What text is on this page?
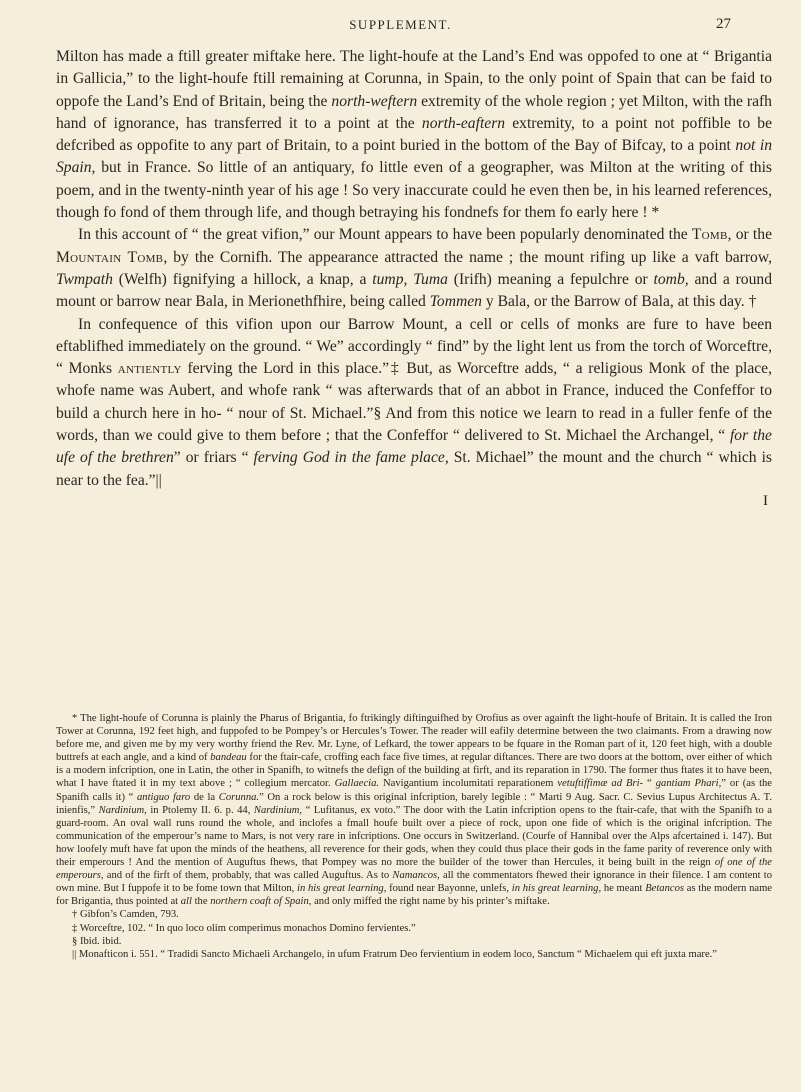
SUPPLEMENT.	27

Milton has made a ftill greater miftake here. The light-houfe at the Land’s End was oppofed to one at “ Brigantia in Gallicia,” to the light-houfe ftill remaining at Corunna, in Spain, to the only point of Spain that can be faid to oppofe the Land’s End of Britain, being the north-weftern extremity of the whole region ; yet Milton, with the rafh hand of ignorance, has transferred it to a point at the north-eaftern extremity, to a point not poffible to be defcribed as oppofite to any part of Britain, to a point buried in the bottom of the Bay of Bifcay, to a point not in Spain, but in France. So little of an antiquary, fo little even of a geographer, was Milton at the writing of this poem, and in the twenty-ninth year of his age ! So very inaccurate could he even then be, in his learned references, though fo fond of them through life, and though betraying his fondnefs for them fo early here ! *

In this account of “ the great vifion,” our Mount appears to have been popularly denominated the Tomb, or the Mountain Tomb, by the Cornifh. The appearance attracted the name ; the mount rifing up like a vaft barrow, Twmpath (Welfh) fignifying a hillock, a knap, a tump, Tuma (Irifh) meaning a fepulchre or tomb, and a round mount or barrow near Bala, in Merionethfhire, being called Tommen y Bala, or the Barrow of Bala, at this day. †

In confequence of this vifion upon our Barrow Mount, a cell or cells of monks are fure to have been eftablifhed immediately on the ground. “ We” accordingly “ find” by the light lent us from the torch of Worceftre, “ Monks antiently ferving the Lord in this place.”‡ But, as Worceftre adds, “ a religious Monk of the place, whofe name was Aubert, and whofe rank “ was afterwards that of an abbot in France, induced the Confeffor to build a church here in ho- “ nour of St. Michael.”§ And from this notice we learn to read in a fuller fenfe of the words, than we could give to them before ; that the Confeffor “ delivered to St. Michael the Archangel, “ for the ufe of the brethren” or friars “ ferving God in the fame place, St. Michael” the mount and the church “ which is near to the fea.”||

I

* The light-houfe of Corunna is plainly the Pharus of Brigantia, fo ftrikingly diftinguifhed by Orofius as over againft the light-houfe of Britain. It is called the Iron Tower at Corunna, 192 feet high, and fuppofed to be Pompey’s or Hercules’s Tower. The reader will eafily determine between the two claimants. From a drawing now before me, and given me by my very worthy friend the Rev. Mr. Lyne, of Lefkard, the tower appears to be fquare in the Roman part of it, 120 feet high, with a double buttrefs at each angle, and a kind of bandeau for the ftair-cafe, croffing each face five times, at regular diftances. There are two doors at the bottom, over either of which is a modern infcription, one in Latin, the other in Spanifh, to witnefs the defign of the building at firft, and its reparation in 1790. The former thus ftates it to have been, what I have ftated it in my text above ; “ collegium mercator. Gallaecia. Navigantium incolumitati reparationem vetuftiffimæ ad Bri- “ gantiam Phari,” or (as the Spanifh calls it) “ antiguo faro de la Corunna.” On a rock below is this original infcription, barely legible : “ Marti 9 Aug. Sacr. C. Sevius Lupus Architectus A. T. inienfis,” Nardinium, in Ptolemy II. 6. p. 44, Nardinium, “ Lufitanus, ex voto.” The door with the Latin infcription opens to the ftair-cafe, that with the Spanifh to a guard-room. An oval wall runs round the whole, and inclofes a fmall houfe built over a piece of rock, upon one fide of which is the original infcription. The communication of the emperour’s name to Mars, is not very rare in infcriptions. One occurs in Switzerland. (Courfe of Hannibal over the Alps afcertained i. 147). But how loofely muft have fat upon the minds of the heathens, all reverence for their gods, when they could thus place their gods in the fame parity of reverence only with their emperours ! And the mention of Auguftus fhews, that Pompey was no more the builder of the tower than Hercules, it being built in the reign of one of the emperours, and of the firft of them, probably, that was called Auguftus. As to Namancos, all the commentators fhewed their ignorance in their filence. I am content to own mine. But I fuppofe it to be fome town that Milton, in his great learning, found near Bayonne, unlefs, in his great learning, he meant Betancos as the modern name for Brigantia, thus pointed at all the northern coaft of Spain, and only miffed the right name by his printer’s miftake.

† Gibfon’s Camden, 793.

‡ Worceftre, 102. “ In quo loco olim comperimus monachos Domino fervientes.”

§ Ibid. ibid.

|| Monafticon i. 551. “ Tradidi Sancto Michaeli Archangelo, in ufum Fratrum Deo fervientium in eodem loco, Sanctum “ Michaelem qui eft juxta mare.”
